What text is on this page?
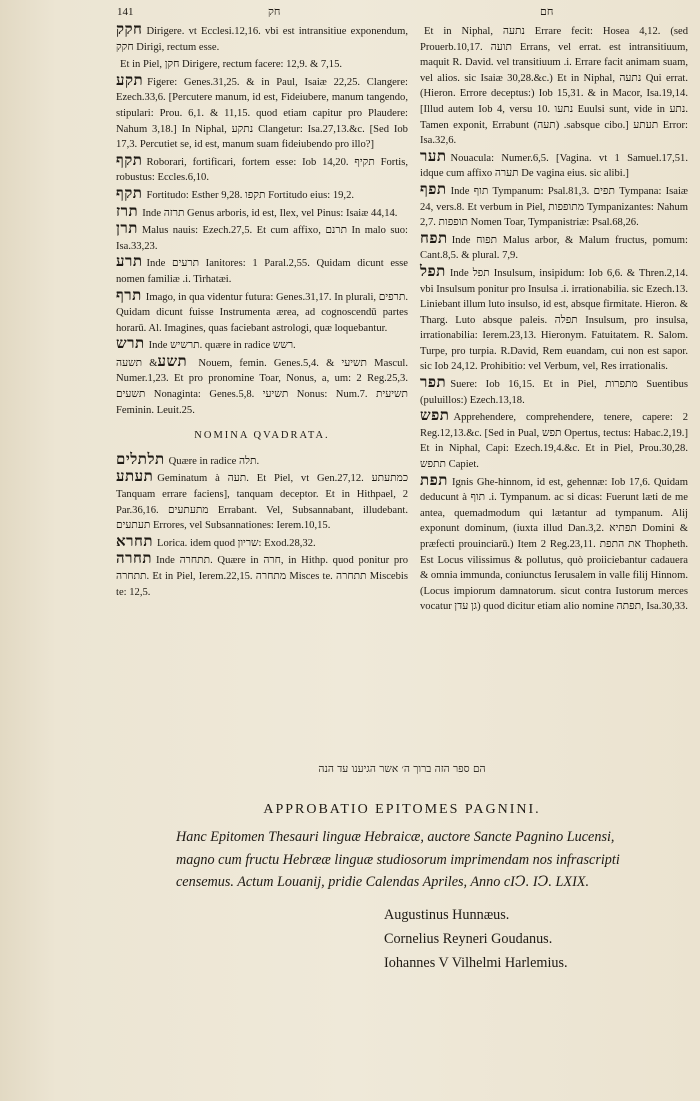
141	חק	חם

חקק Dirigere. vt Ecclesi.12,16. vbi est intransitiue exponendum, חקק Dirigi, rectum esse.

Et in Piel, חקן Dirigere, rectum facere: 12,9. & 7,15.

תקע Figere: Genes.31,25. & in Paul, Isaiæ 22,25. Clangere: Ezech.33,6. [Percutere manum, id est, Fideiubere, manum tangendo, stipulari: Prou. 6,1. & 11,15. quod etiam capitur pro Plaudere: Nahum 3,18.] In Niphal, נתקע Clangetur: Isa.27,13.&c. [Sed Iob 17,3. Percutiet se, id est, manum suam fideiubendo pro illo?]

תקף Roborari, fortificari, fortem esse: Iob 14,20. תקיף Fortis, robustus: Eccles.6,10.

תקף Fortitudo: Esther 9,28. תקפו Fortitudo eius: 19,2.

תרז Inde תרזה Genus arboris, id est, Ilex, vel Pinus: Isaiæ 44,14.

תרן Malus nauis: Ezech.27,5. Et cum affixo, תרנם In malo suo: Isa.33,23.

תרע Inde תרעים Ianitores: 1 Paral.2,55. Quidam dicunt esse nomen familiæ .i. Tirhatæi.

תרף Imago, in qua videntur futura: Genes.31,17. In plurali, תרפים. Quidam dicunt fuisse Instrumenta ærea, ad cognoscendū partes horarū. Al. Imagines, quas faciebant astrologi, quæ loquebantur.

תרש Inde תרשיש. quære in radice רשש.

תשע& תשעה Nouem, femin. Genes.5,4. & תשיעי Mascul. Numer.1,23. Et pro pronomine Toar, Nonus, a, um: 2 Reg.25,3. תשעים Nonaginta: Genes.5,8. תשיעי Nonus: Num.7. תשיעית Feminin. Leuit.25.

NOMINA QVADRATA.

תלתלים Quære in radice תלה.

תעתע Geminatum à תעה. Et Piel, vt Gen.27,12. כמתעתע Tanquam errare faciens], tanquam deceptor. Et in Hithpael, 2 Par.36,16. מתעתעים Errabant. Vel, Subsannabant, illudebant. תעתעים Errores, vel Subsannationes: Ierem.10,15.

תחרא Lorica. idem quod שריון: Exod.28,32.

תחרה Inde תתחרה. Quære in חרה, in Hithp. quod ponitur pro תתחרה. Et in Piel, Ierem.22,15. מתחרה Misces te. תתחרה Miscebis te: 12,5.

Et in Niphal, נתעה Errare fecit: Hosea 4,12. (sed Prouerb.10,17. תועה Errans, vel errat. est intransitiuum, maquit R. David. vel transitiuum .i. Errare facit animam suam, vel alios. sic Isaiæ 30,28.&c.) Et in Niphal, נתעה Qui errat. (Hieron. Errore deceptus:) Iob 15,31. & in Macor, Isa.19,14. [Illud autem Iob 4, versu 10. נתעו Euulsi sunt, vide in נתע. Tamen exponit, Errabunt (תעה) .sabsque cibo.] תעתע Error: Isa.32,6.

תער Nouacula: Numer.6,5. [Vagina. vt 1 Samuel.17,51. idque cum affixo תערה De vagina eius. sic alibi.]

תפף Inde תוף Tympanum: Psal.81,3. תפים Tympana: Isaiæ 24, vers.8. Et verbum in Piel, מתופפות Tympanizantes: Nahum 2,7. תופפות Nomen Toar, Tympanistriæ: Psal.68,26.

תפח Inde תפוח Malus arbor, & Malum fructus, pomum: Cant.8,5. & plural. 7,9.

תפל Inde תפל Insulsum, insipidum: Iob 6,6. & Thren.2,14. vbi Insulsum ponitur pro Insulsa .i. irrationabilia. sic Ezech.13. Liniebant illum luto insulso, id est, absque firmitate. Hieron. & Tharg. Luto absque paleis. תפלה Insulsum, pro insulsa, irrationabilia: Ierem.23,13. Hieronym. Fatuitatem. R. Salom. Turpe, pro turpia. R.David, Rem euandam, cui non est sapor. sic Iob 24,12. Prohibitio: vel Verbum, vel, Res irrationalis.

תפר Suere: Iob 16,15. Et in Piel, מתפרות Suentibus (puluillos:) Ezech.13,18.

תפש Apprehendere, comprehendere, tenere, capere: 2 Reg.12,13.&c. [Sed in Pual, תפש Opertus, tectus: Habac.2,19.] Et in Niphal, Capi: Ezech.19,4.&c. Et in Piel, Prou.30,28. תתפש Capiet.

תפת Ignis Ghe-hinnom, id est, gehennæ: Iob 17,6. Quidam deducunt à תוף .i. Tympanum. ac si dicas: Fuerunt læti de me antea, quemadmodum qui lætantur ad tympanum. Alij exponunt dominum, (iuxta illud Dan.3,2. תפתיא Domini & præfecti prouinciarū.) Item 2 Reg.23,11. את התפת Thopheth. Est Locus vilissimus & pollutus, quò proiiciebantur cadauera & omnia immunda, coniunctus Ierusalem in valle filij Hinnom. (Locus impiorum damnatorum. sicut contra Iustorum merces vocatur גן עדן) quod dicitur etiam alio nomine תפתה, Isa.30,33.

הם ספר הזה ברוך ה׳ אשר הגיענו עד הנה
APPROBATIO EPITOMES PAGNINI.
Hanc Epitomen Thesauri linguæ Hebraicæ, auctore Sancte Pagnino Lucensi, magno cum fructu Hebrææ linguæ studiosorum imprimendam nos infrascripti censemus. Actum Louanij, pridie Calendas Apriles, Anno cIↃ. IↃ. LXIX.
Augustinus Hunnæus.
Cornelius Reyneri Goudanus.
Iohannes V Vilhelmi Harlemius.
